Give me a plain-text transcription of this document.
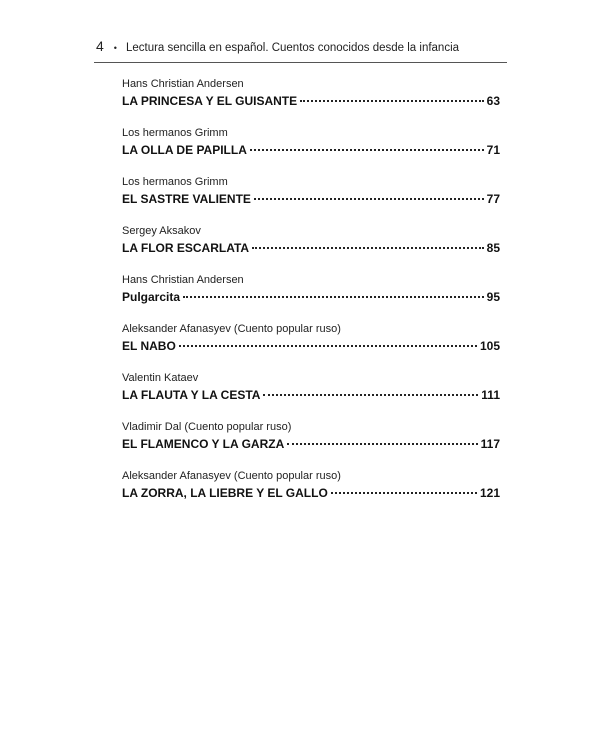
4 • Lectura sencilla en español. Cuentos conocidos desde la infancia
Hans Christian Andersen
LA PRINCESA Y EL GUISANTE	63
Los hermanos Grimm
LA OLLA DE PAPILLA	71
Los hermanos Grimm
EL SASTRE VALIENTE	77
Sergey Aksakov
LA FLOR ESCARLATA	85
Hans Christian Andersen
Pulgarcita	95
Aleksander Afanasyev (Cuento popular ruso)
EL NABO	105
Valentin Kataev
LA FLAUTA Y LA CESTA	111
Vladimir Dal (Cuento popular ruso)
EL FLAMENCO Y LA GARZA	117
Aleksander Afanasyev (Cuento popular ruso)
LA ZORRA, LA LIEBRE Y EL GALLO	121
